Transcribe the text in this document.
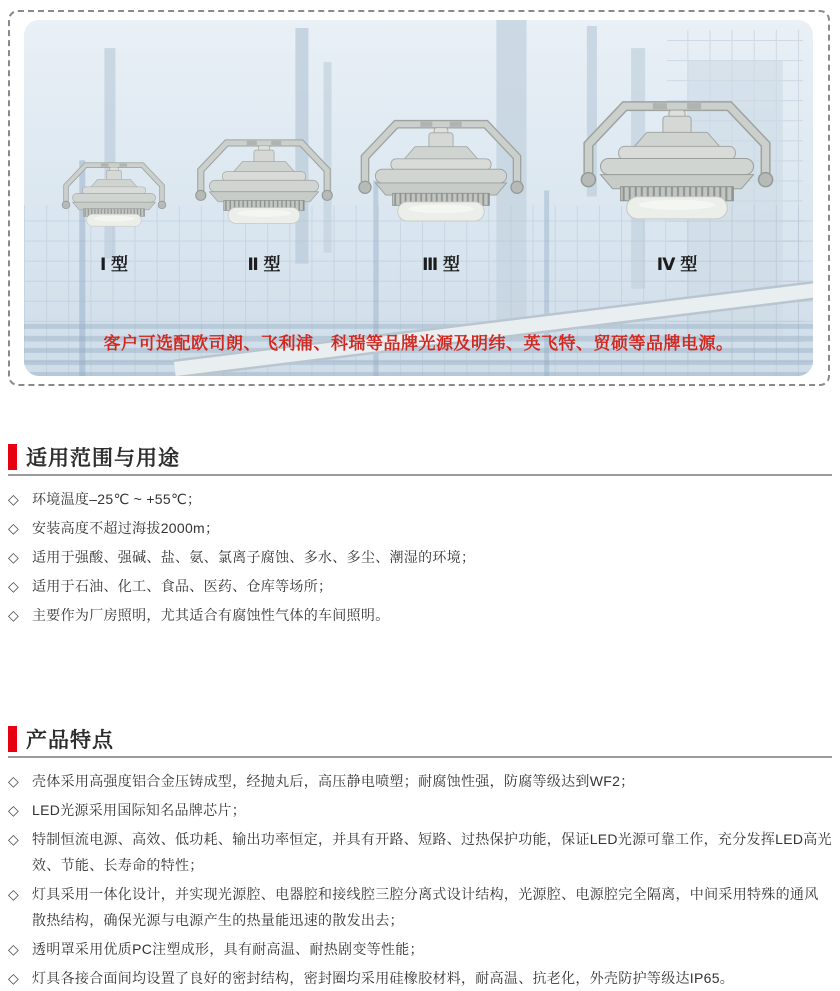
Ⅰ 型	Ⅱ 型	Ⅲ 型	Ⅳ 型
客户可选配欧司朗、飞利浦、科瑞等品牌光源及明纬、英飞特、贸硕等品牌电源。
适用范围与用途
◇ 环境温度–25℃ ~ +55℃；
◇ 安装高度不超过海拔2000m；
◇ 适用于强酸、强碱、盐、氨、氯离子腐蚀、多水、多尘、潮湿的环境；
◇ 适用于石油、化工、食品、医药、仓库等场所；
◇ 主要作为厂房照明，尤其适合有腐蚀性气体的车间照明。
产品特点
◇ 壳体采用高强度铝合金压铸成型，经抛丸后，高压静电喷塑；耐腐蚀性强，防腐等级达到WF2；
◇ LED光源采用国际知名品牌芯片；
◇ 特制恒流电源、高效、低功耗、输出功率恒定，并具有开路、短路、过热保护功能，保证LED光源可靠工作，充分发挥LED高光效、节能、长寿命的特性；
◇ 灯具采用一体化设计，并实现光源腔、电器腔和接线腔三腔分离式设计结构，光源腔、电源腔完全隔离，中间采用特殊的通风散热结构，确保光源与电源产生的热量能迅速的散发出去；
◇ 透明罩采用优质PC注塑成形，具有耐高温、耐热剧变等性能；
◇ 灯具各接合面间均设置了良好的密封结构，密封圈均采用硅橡胶材料，耐高温、抗老化，外壳防护等级达IP65。
